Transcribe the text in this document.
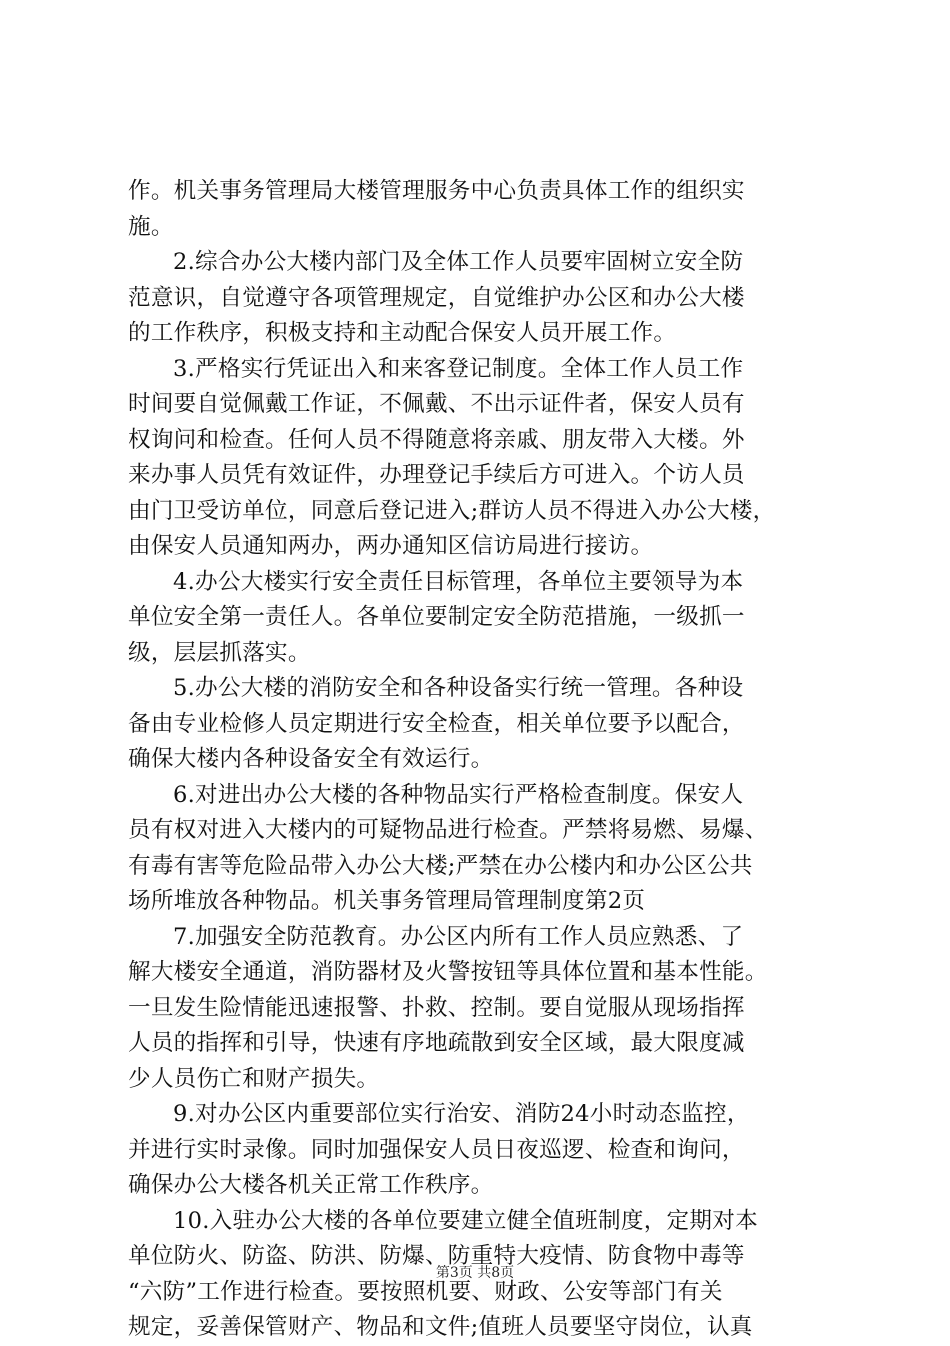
作。机关事务管理局大楼管理服务中心负责具体工作的组织实
施。
2.综合办公大楼内部门及全体工作人员要牢固树立安全防
范意识，自觉遵守各项管理规定，自觉维护办公区和办公大楼
的工作秩序，积极支持和主动配合保安人员开展工作。
3.严格实行凭证出入和来客登记制度。全体工作人员工作
时间要自觉佩戴工作证，不佩戴、不出示证件者，保安人员有
权询问和检查。任何人员不得随意将亲戚、朋友带入大楼。外
来办事人员凭有效证件，办理登记手续后方可进入。个访人员
由门卫受访单位，同意后登记进入;群访人员不得进入办公大楼，
由保安人员通知两办，两办通知区信访局进行接访。
4.办公大楼实行安全责任目标管理，各单位主要领导为本
单位安全第一责任人。各单位要制定安全防范措施，一级抓一
级，层层抓落实。
5.办公大楼的消防安全和各种设备实行统一管理。各种设
备由专业检修人员定期进行安全检查，相关单位要予以配合，
确保大楼内各种设备安全有效运行。
6.对进出办公大楼的各种物品实行严格检查制度。保安人
员有权对进入大楼内的可疑物品进行检查。严禁将易燃、易爆、
有毒有害等危险品带入办公大楼;严禁在办公楼内和办公区公共
场所堆放各种物品。机关事务管理局管理制度第2页
7.加强安全防范教育。办公区内所有工作人员应熟悉、了
解大楼安全通道，消防器材及火警按钮等具体位置和基本性能。
一旦发生险情能迅速报警、扑救、控制。要自觉服从现场指挥
人员的指挥和引导，快速有序地疏散到安全区域，最大限度减
少人员伤亡和财产损失。
9.对办公区内重要部位实行治安、消防24小时动态监控，
并进行实时录像。同时加强保安人员日夜巡逻、检查和询问，
确保办公大楼各机关正常工作秩序。
10.入驻办公大楼的各单位要建立健全值班制度，定期对本
单位防火、防盗、防洪、防爆、防重特大疫情、防食物中毒等
“六防”工作进行检查。要按照机要、财政、公安等部门有关
规定，妥善保管财产、物品和文件;值班人员要坚守岗位，认真
第3页 共8页
